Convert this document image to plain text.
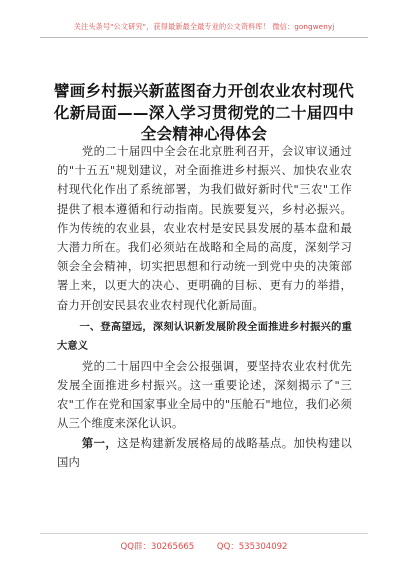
关注头条号"公文研究"，获得最新最全最专业的公文资料库！ 微信：gongwenyj
譬画乡村振兴新蓝图奋力开创农业农村现代化新局面——深入学习贯彻党的二十届四中全会精神心得体会

党的二十届四中全会在北京胜利召开，会议审议通过的"十五五"规划建议，对全面推进乡村振兴、加快农业农村现代化作出了系统部署，为我们做好新时代"三农"工作提供了根本遵循和行动指南。民族要复兴，乡村必振兴。作为传统的农业县，农业农村是安民县发展的基本盘和最大潜力所在。我们必须站在战略和全局的高度，深刻学习领会全会精神，切实把思想和行动统一到党中央的决策部署上来，以更大的决心、更明确的目标、更有力的举措，奋力开创安民县农业农村现代化新局面。

一、登高望远，深刻认识新发展阶段全面推进乡村振兴的重大意义

党的二十届四中全会公报强调，要坚持农业农村优先发展全面推进乡村振兴。这一重要论述，深刻揭示了"三农"工作在党和国家事业全局中的"压舱石"地位，我们必须从三个维度来深化认识。

第一，这是构建新发展格局的战略基点。加快构建以国内

QQ群：30265665	QQ：535304092
